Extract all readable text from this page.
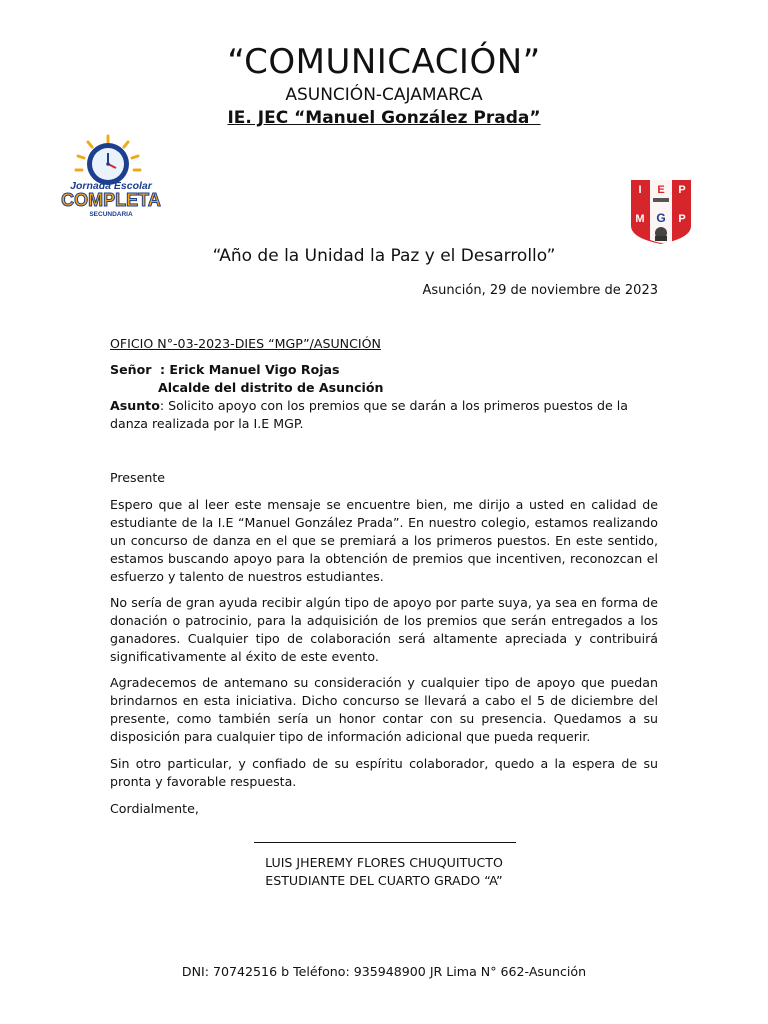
“COMUNICACIÓN”
ASUNCIÓN-CAJAMARCA
IE. JEC “Manuel González Prada”
Jornada Escolar
COMPLETA
SECUNDARIA
I E P
M G P
“Año de la Unidad la Paz y el Desarrollo”
Asunción, 29 de noviembre de 2023
OFICIO N°-03-2023-DIES “MGP”/ASUNCIÓN
Señor : Erick Manuel Vigo Rojas
Alcalde del distrito de Asunción
Asunto: Solicito apoyo con los premios que se darán a los primeros puestos de la danza realizada por la I.E MGP.
Presente
Espero que al leer este mensaje se encuentre bien, me dirijo a usted en calidad de estudiante de la I.E “Manuel González Prada”. En nuestro colegio, estamos realizando un concurso de danza en el que se premiará a los primeros puestos. En este sentido, estamos buscando apoyo para la obtención de premios que incentiven, reconozcan el esfuerzo y talento de nuestros estudiantes.
No sería de gran ayuda recibir algún tipo de apoyo por parte suya, ya sea en forma de donación o patrocinio, para la adquisición de los premios que serán entregados a los ganadores. Cualquier tipo de colaboración será altamente apreciada y contribuirá significativamente al éxito de este evento.
Agradecemos de antemano su consideración y cualquier tipo de apoyo que puedan brindarnos en esta iniciativa. Dicho concurso se llevará a cabo el 5 de diciembre del presente, como también sería un honor contar con su presencia. Quedamos a su disposición para cualquier tipo de información adicional que pueda requerir.
Sin otro particular, y confiado de su espíritu colaborador, quedo a la espera de su pronta y favorable respuesta.
Cordialmente,
LUIS JHEREMY FLORES CHUQUITUCTO
ESTUDIANTE DEL CUARTO GRADO “A”
DNI: 70742516 b Teléfono: 935948900 JR Lima N° 662-Asunción
